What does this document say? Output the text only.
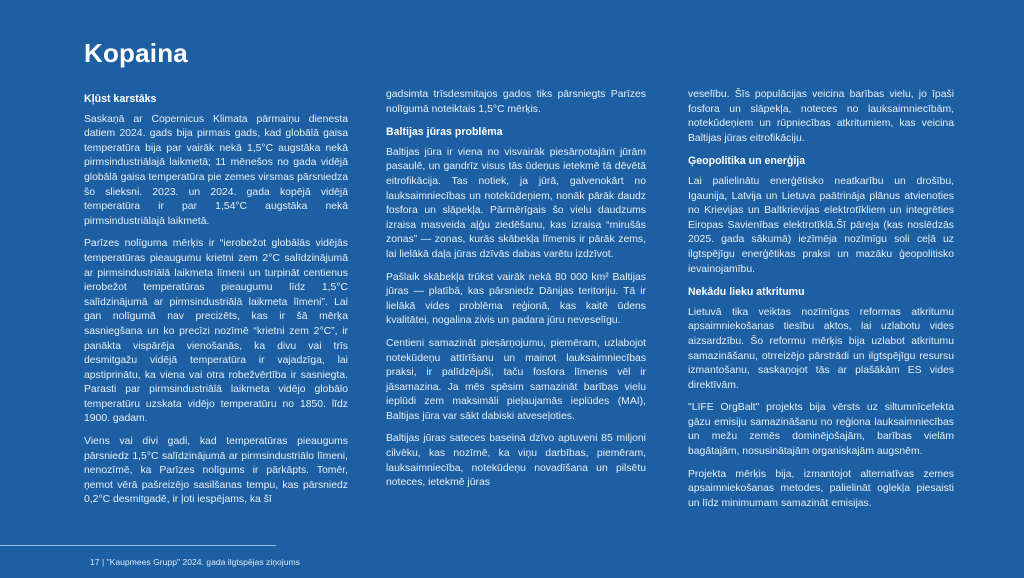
Kopaina
Kļūst karstāks

Saskaņā ar Copernicus Klimata pārmaiņu dienesta datiem 2024. gads bija pirmais gads, kad globālā gaisa temperatūra bija par vairāk nekā 1,5°C augstāka nekā pirmsindustriālajā laikmetā; 11 mēnešos no gada vidējā globālā gaisa temperatūra pie zemes virsmas pārsniedza šo slieksni. 2023. un 2024. gada kopējā vidējā temperatūra ir par 1,54°C augstāka nekā pirmsindustriālajā laikmetā.

Parīzes nolīguma mērķis ir “ierobežot globālās vidējās temperatūras pieaugumu krietni zem 2°C salīdzinājumā ar pirmsindustriālā laikmeta līmeni un turpināt centienus ierobežot temperatūras pieaugumu līdz 1,5°C salīdzinājumā ar pirmsindustriālā laikmeta līmeni”. Lai gan nolīgumā nav precizēts, kas ir šā mērķa sasniegšana un ko precīzi nozīmē “krietni zem 2°C”, ir panākta vispārēja vienošanās, ka divu vai trīs desmitgažu vidējā temperatūra ir vajadzīga, lai apstiprinātu, ka viena vai otra robežvērtība ir sasniegta. Parasti par pirmsindustriālā laikmeta vidējo globālo temperatūru uzskata vidējo temperatūru no 1850. līdz 1900. gadam.

Viens vai divi gadi, kad temperatūras pieaugums pārsniedz 1,5°C salīdzinājumā ar pirmsindustriālo līmeni, nenozīmē, ka Parīzes nolīgums ir pārkāpts. Tomēr, ņemot vērā pašreizējo sasilšanas tempu, kas pārsniedz 0,2°C desmitgadē, ir ļoti iespējams, ka šī

gadsimta trīsdesmitajos gados tiks pārsniegts Parīzes nolīgumā noteiktais 1,5°C mērķis.

Baltijas jūras problēma

Baltijas jūra ir viena no visvairāk piesārņotajām jūrām pasaulē, un gandrīz visus tās ūdeņus ietekmē tā dēvētā eitrofikācija. Tas notiek, ja jūrā, galvenokārt no lauksaimniecības un notekūdeņiem, nonāk pārāk daudz fosfora un slāpekļa. Pārmērīgais šo vielu daudzums izraisa masveida aļģu ziedēšanu, kas izraisa “mirušās zonas” — zonas, kurās skābekļa līmenis ir pārāk zems, lai lielākā daļa jūras dzīvās dabas varētu izdzīvot.

Pašlaik skābekļa trūkst vairāk nekā 80 000 km² Baltijas jūras — platībā, kas pārsniedz Dānijas teritoriju. Tā ir lielākā vides problēma reģionā, kas kaitē ūdens kvalitātei, nogalina zivis un padara jūru neveselīgu.

Centieni samazināt piesārņojumu, piemēram, uzlabojot notekūdeņu attīrīšanu un mainot lauksaimniecības praksi, ir palīdzējuši, taču fosfora līmenis vēl ir jāsamazina. Ja mēs spēsim samazināt barības vielu ieplūdi zem maksimāli pieļaujamās ieplūdes (MAI), Baltijas jūra var sākt dabiski atveseļoties.

Baltijas jūras sateces baseinā dzīvo aptuveni 85 miljoni cilvēku, kas nozīmē, ka viņu darbības, piemēram, lauksaimniecība, notekūdeņu novadīšana un pilsētu noteces, ietekmē jūras

veselību. Šīs populācijas veicina barības vielu, jo īpaši fosfora un slāpekļa, noteces no lauksaimniecībām, notekūdeņiem un rūpniecības atkritumiem, kas veicina Baltijas jūras eitrofikāciju.

Ģeopolitika un enerģija

Lai palielinātu enerģētisko neatkarību un drošību, Igaunija, Latvija un Lietuva paātrināja plānus atvienoties no Krievijas un Baltkrievijas elektrotīkliem un integrēties Eiropas Savienības elektrotīklā.Šī pāreja (kas noslēdzās 2025. gada sākumā) iezīmēja nozīmīgu soli ceļā uz ilgtspējīgu enerģētikas praksi un mazāku ģeopolitisko ievainojamību.

Nekādu lieku atkritumu

Lietuvā tika veiktas nozīmīgas reformas atkritumu apsaimniekošanas tiesību aktos, lai uzlabotu vides aizsardzību. Šo reformu mērķis bija uzlabot atkritumu samazināšanu, otrreizējo pārstrādi un ilgtspējīgu resursu izmantošanu, saskaņojot tās ar plašākām ES vides direktīvām.

"LIFE OrgBalt" projekts bija vērsts uz siltumnīcefekta gāzu emisiju samazināšanu no reģiona lauksaimniecības un mežu zemēs dominējošajām, barības vielām bagātajām, nosusinātajām organiskajām augsnēm.

Projekta mērķis bija, izmantojot alternatīvas zemes apsaimniekošanas metodes, palielināt oglekļa piesaisti un līdz minimumam samazināt emisijas.

17 | "Kaupmees Grupp" 2024. gada ilgtspējas ziņojums
